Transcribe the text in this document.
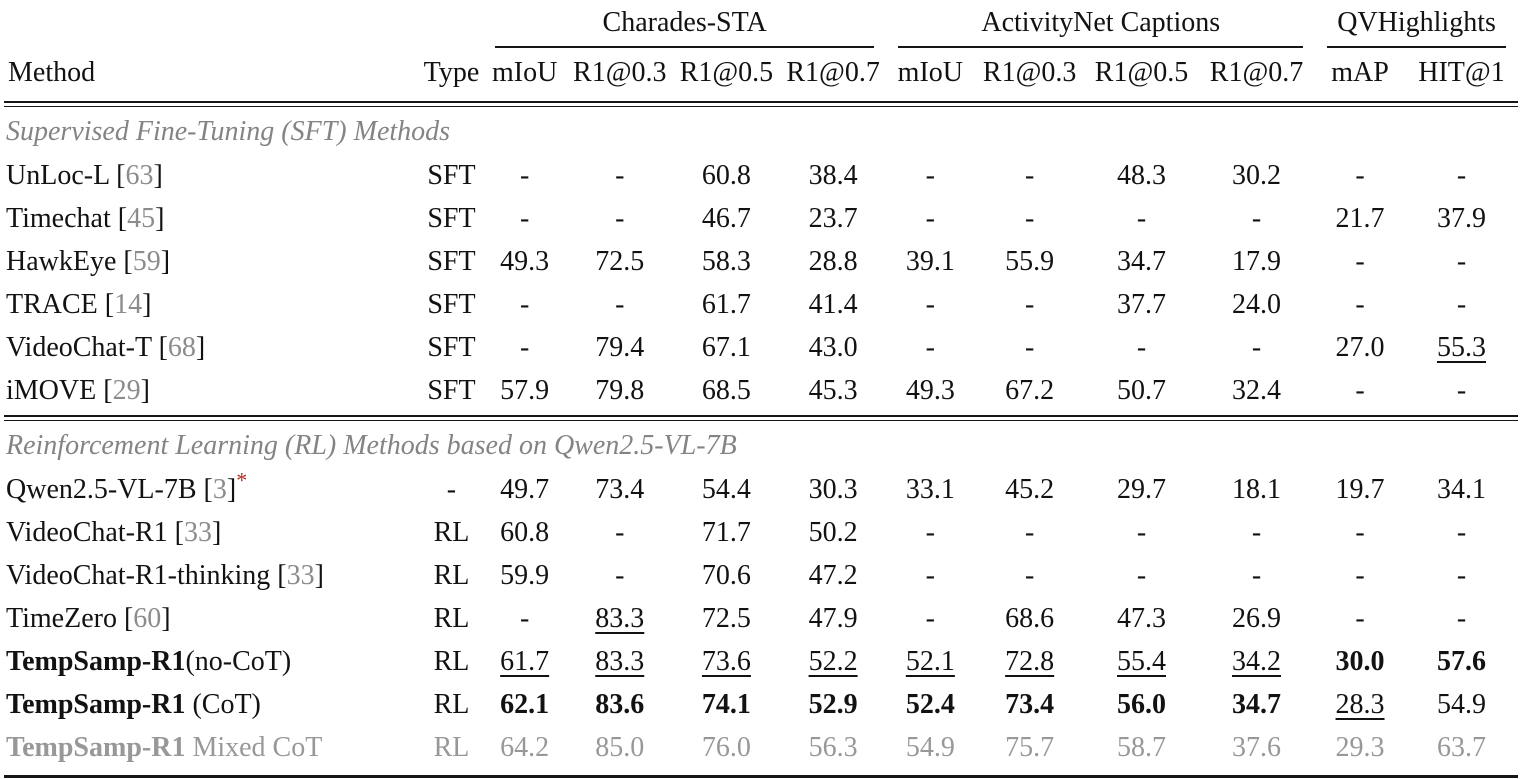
		Charades-STA				ActivityNet Captions				QVHighlights	

Method	Type	mIoU	R1@0.3	R1@0.5	R1@0.7	mIoU	R1@0.3	R1@0.5	R1@0.7	mAP	HIT@1

Supervised Fine-Tuning (SFT) Methods											
UnLoc-L [63]	SFT	-	-	60.8	38.4	-	-	48.3	30.2	-	-
Timechat [45]	SFT	-	-	46.7	23.7	-	-	-	-	21.7	37.9
HawkEye [59]	SFT	49.3	72.5	58.3	28.8	39.1	55.9	34.7	17.9	-	-
TRACE [14]	SFT	-	-	61.7	41.4	-	-	37.7	24.0	-	-
VideoChat-T [68]	SFT	-	79.4	67.1	43.0	-	-	-	-	27.0	55.3
iMOVE [29]	SFT	57.9	79.8	68.5	45.3	49.3	67.2	50.7	32.4	-	-

Reinforcement Learning (RL) Methods based on Qwen2.5-VL-7B											
Qwen2.5-VL-7B [3]*	-	49.7	73.4	54.4	30.3	33.1	45.2	29.7	18.1	19.7	34.1
VideoChat-R1 [33]	RL	60.8	-	71.7	50.2	-	-	-	-	-	-
VideoChat-R1-thinking [33]	RL	59.9	-	70.6	47.2	-	-	-	-	-	-
TimeZero [60]	RL	-	83.3	72.5	47.9	-	68.6	47.3	26.9	-	-
TempSamp-R1(no-CoT)	RL	61.7	83.3	73.6	52.2	52.1	72.8	55.4	34.2	30.0	57.6
TempSamp-R1 (CoT)	RL	62.1	83.6	74.1	52.9	52.4	73.4	56.0	34.7	28.3	54.9
TempSamp-R1 Mixed CoT	RL	64.2	85.0	76.0	56.3	54.9	75.7	58.7	37.6	29.3	63.7
